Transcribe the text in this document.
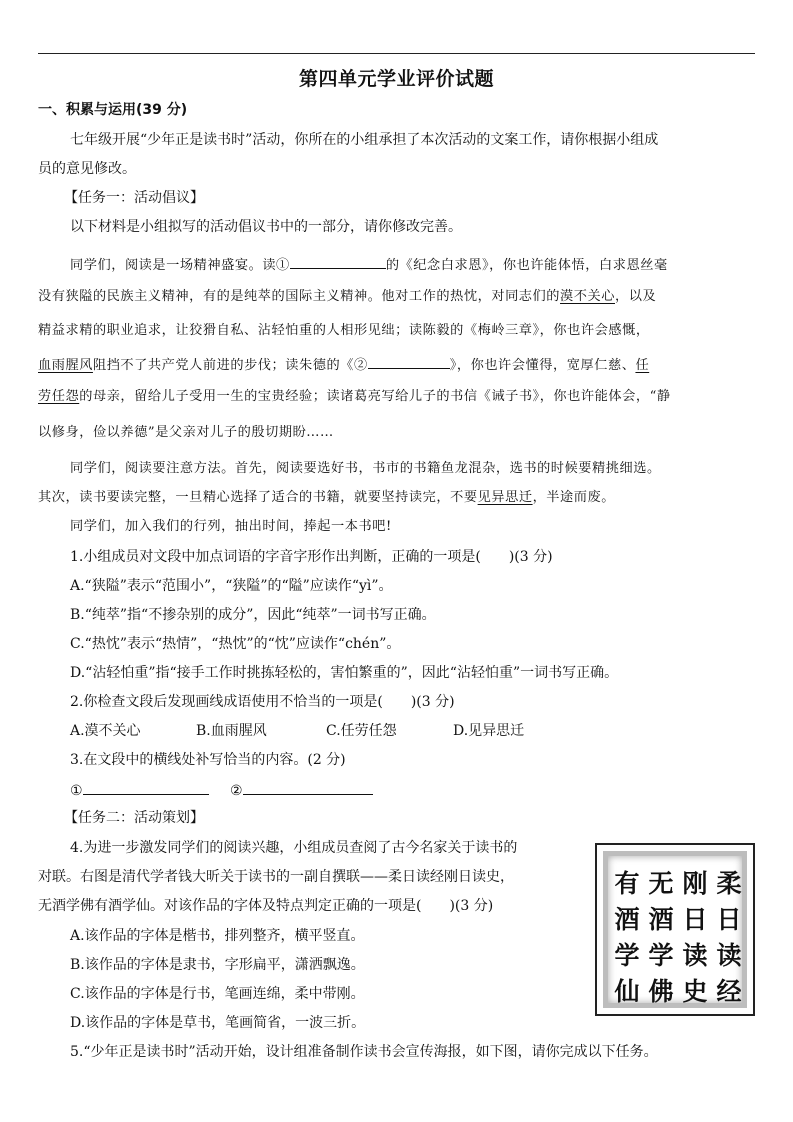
第四单元学业评价试题
一、积累与运用(39 分)
七年级开展“少年正是读书时”活动，你所在的小组承担了本次活动的文案工作，请你根据小组成
员的意见修改。
【任务一：活动倡议】
以下材料是小组拟写的活动倡议书中的一部分，请你修改完善。
同学们，阅读是一场精神盛宴。读①	的《纪念白求恩》，你也许能体悟，白求恩丝毫
没有狭隘的民族主义精神，有的是纯萃的国际主义精神。他对工作的热忱，对同志们的漠不关心，以及
精益求精的职业追求，让狡猾自私、沾轻怕重的人相形见绌；读陈毅的《梅岭三章》，你也许会感慨，
血雨腥风阻挡不了共产党人前进的步伐；读朱德的《②	》，你也许会懂得，宽厚仁慈、任
劳任怨的母亲，留给儿子受用一生的宝贵经验；读诸葛亮写给儿子的书信《诫子书》，你也许能体会，“静
以修身，俭以养德”是父亲对儿子的殷切期盼……
同学们，阅读要注意方法。首先，阅读要选好书，书市的书籍鱼龙混杂，选书的时候要精挑细选。
其次，读书要读完整，一旦精心选择了适合的书籍，就要坚持读完，不要见异思迁，半途而废。
同学们，加入我们的行列，抽出时间，捧起一本书吧!
1.小组成员对文段中加点词语的字音字形作出判断，正确的一项是(　　)(3 分)
A.“狭隘”表示“范围小”，“狭隘”的“隘”应读作“yì”。
B.“纯萃”指“不掺杂别的成分”，因此“纯萃”一词书写正确。
C.“热忱”表示“热情”，“热忱”的“忱”应读作“chén”。
D.“沾轻怕重”指“接手工作时挑拣轻松的，害怕繁重的”，因此“沾轻怕重”一词书写正确。
2.你检查文段后发现画线成语使用不恰当的一项是(　　)(3 分)
A.漠不关心	B.血雨腥风	C.任劳任怨	D.见异思迁
3.在文段中的横线处补写恰当的内容。(2 分)
①	②
【任务二：活动策划】
4.为进一步激发同学们的阅读兴趣，小组成员查阅了古今名家关于读书的
对联。右图是清代学者钱大昕关于读书的一副自撰联——柔日读经刚日读史，
无酒学佛有酒学仙。对该作品的字体及特点判定正确的一项是(　　)(3 分)
A.该作品的字体是楷书，排列整齐，横平竖直。
B.该作品的字体是隶书，字形扁平，潇洒飘逸。
C.该作品的字体是行书，笔画连绵，柔中带刚。
D.该作品的字体是草书，笔画简省，一波三折。
5.“少年正是读书时”活动开始，设计组准备制作读书会宣传海报，如下图，请你完成以下任务。
有
酒
学
仙
无
酒
学
佛
刚
日
读
史
柔
日
读
经
